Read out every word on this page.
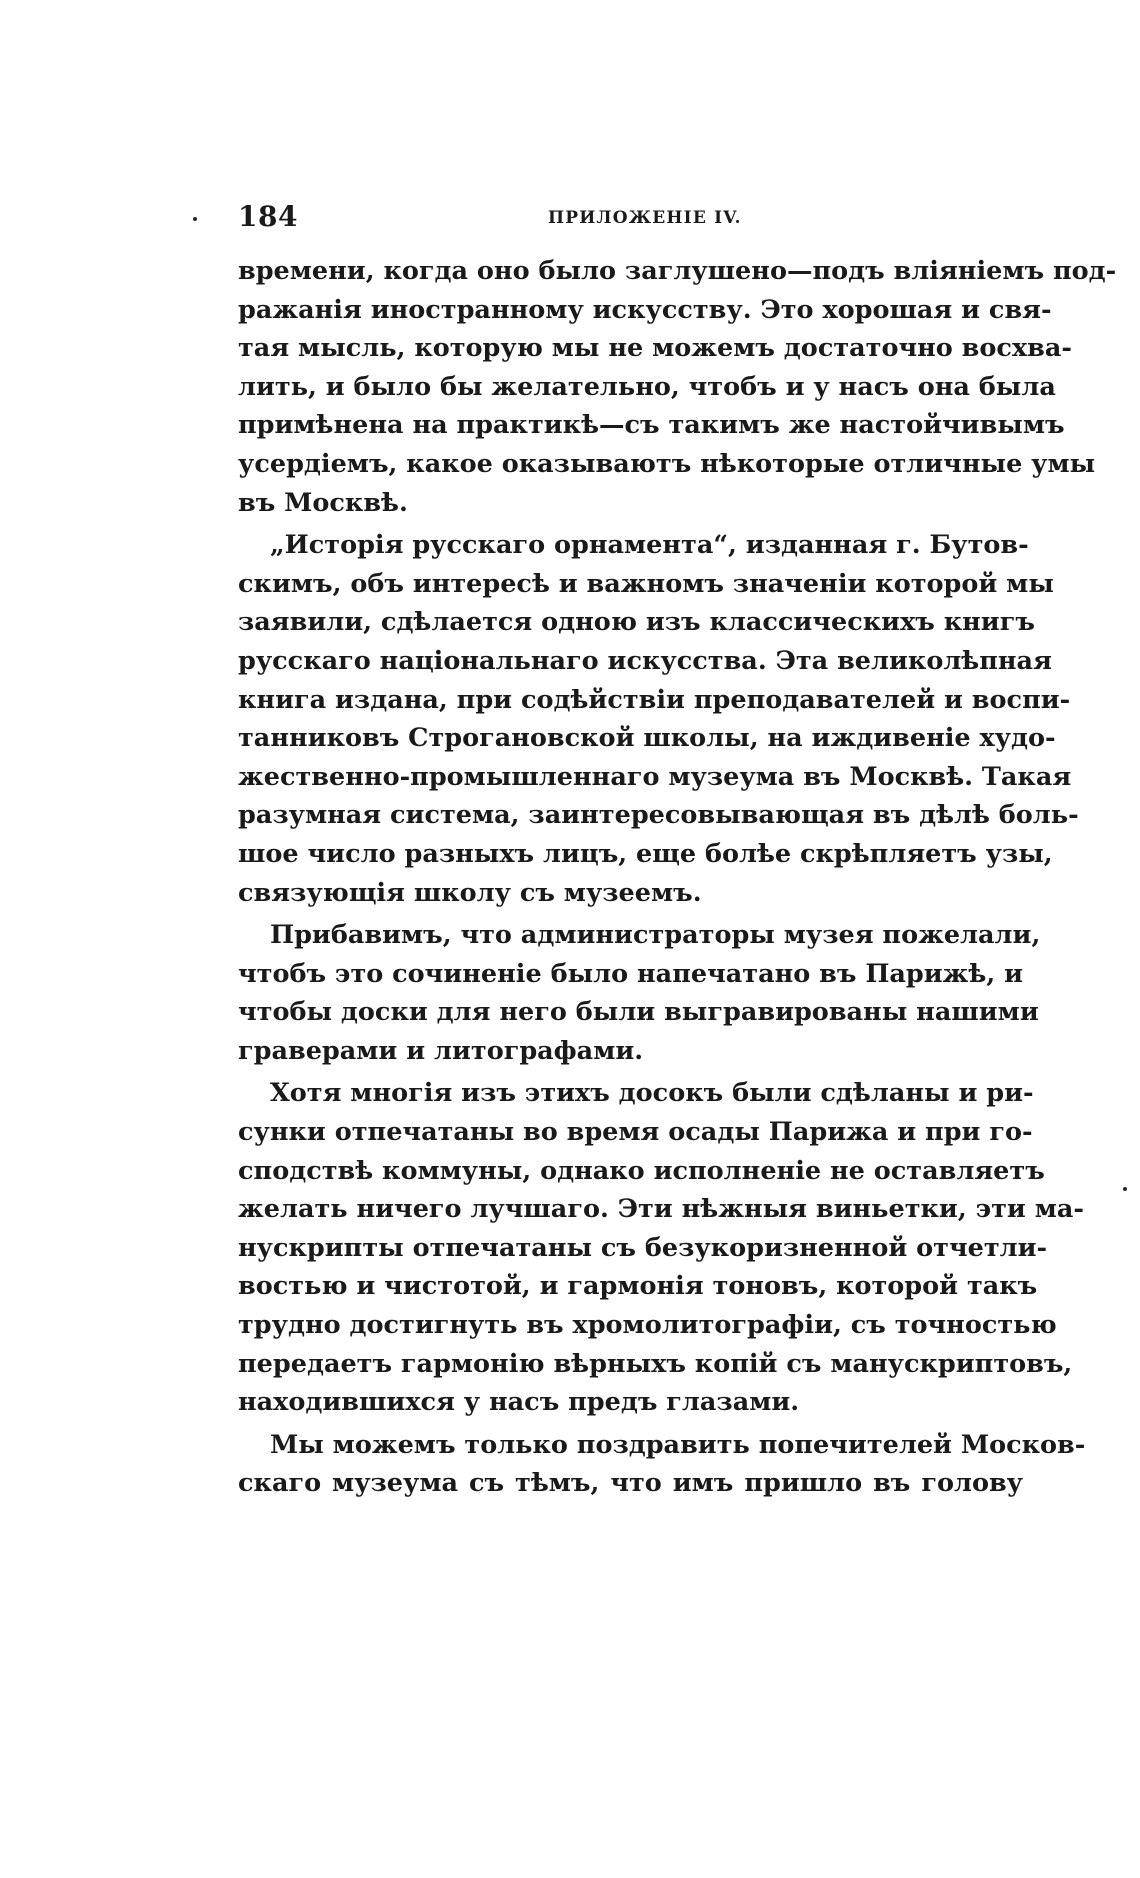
184	ПРИЛОЖЕНІЕ IV.
времени, когда оно было заглушено—подъ вліяніемъ под-
ражанія иностранному искусству. Это хорошая и свя-
тая мысль, которую мы не можемъ достаточно восхва-
лить, и было бы желательно, чтобъ и у насъ она была
примѣнена на практикѣ—съ такимъ же настойчивымъ
усердіемъ, какое оказываютъ нѣкоторые отличные умы
въ Москвѣ.
„Исторія русскаго орнамента“, изданная г. Бутов-
скимъ, объ интересѣ и важномъ значеніи которой мы
заявили, сдѣлается одною изъ классическихъ книгъ
русскаго національнаго искусства. Эта великолѣпная
книга издана, при содѣйствіи преподавателей и воспи-
танниковъ Строгановской школы, на иждивеніе худо-
жественно-промышленнаго музеума въ Москвѣ. Такая
разумная система, заинтересовывающая въ дѣлѣ боль-
шое число разныхъ лицъ, еще болѣе скрѣпляетъ узы,
связующія школу съ музеемъ.
Прибавимъ, что администраторы музея пожелали,
чтобъ это сочиненіе было напечатано въ Парижѣ, и
чтобы доски для него были выгравированы нашими
граверами и литографами.
Хотя многія изъ этихъ досокъ были сдѣланы и ри-
сунки отпечатаны во время осады Парижа и при го-
сподствѣ коммуны, однако исполненіе не оставляетъ
желать ничего лучшаго. Эти нѣжныя виньетки, эти ма-
нускрипты отпечатаны съ безукоризненной отчетли-
востью и чистотой, и гармонія тоновъ, которой такъ
трудно достигнуть въ хромолитографіи, съ точностью
передаетъ гармонію вѣрныхъ копій съ манускриптовъ,
находившихся у насъ предъ глазами.
Мы можемъ только поздравить попечителей Москов-
скаго музеума съ тѣмъ, что имъ пришло въ голову
